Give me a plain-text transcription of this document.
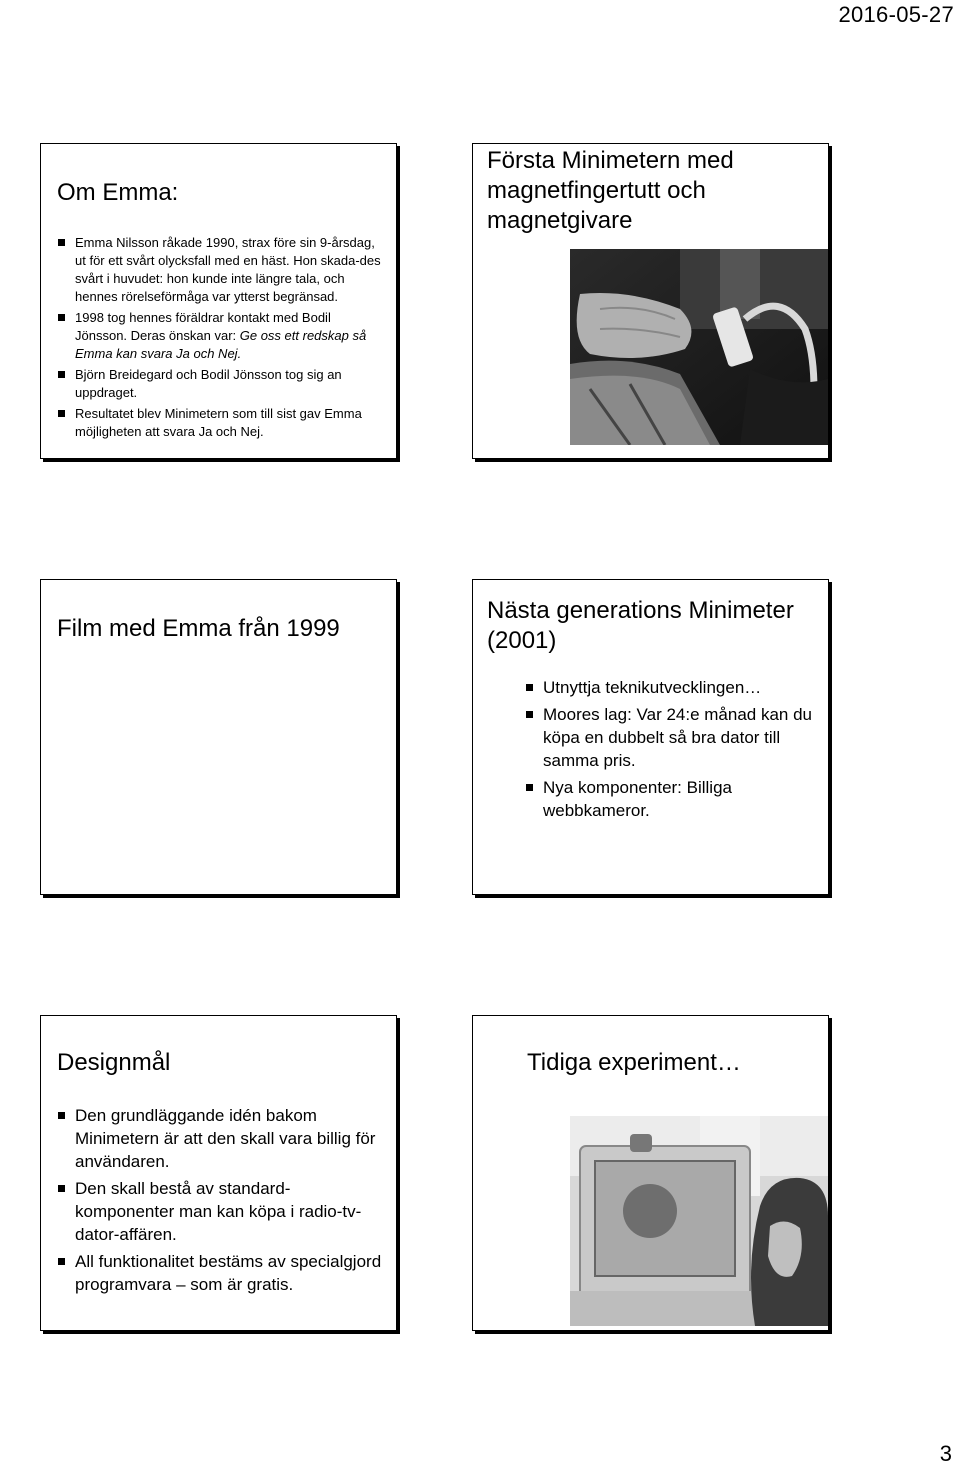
2016-05-27
Om Emma:
Emma Nilsson råkade 1990, strax före sin 9-årsdag, ut för ett svårt olycksfall med en häst. Hon skada-des svårt i huvudet: hon kunde inte längre tala, och hennes rörelseförmåga var ytterst begränsad.
1998 tog hennes föräldrar kontakt med Bodil Jönsson. Deras önskan var: Ge oss ett redskap så Emma kan svara Ja och Nej.
Björn Breidegard och Bodil Jönsson tog sig an uppdraget.
Resultatet blev Minimetern som till sist gav Emma möjligheten att svara Ja och Nej.
Första Minimetern med magnetfingertutt och magnetgivare
Film med Emma från 1999
Nästa generations Minimeter (2001)
Utnyttja teknikutvecklingen…
Moores lag: Var 24:e månad kan du köpa en dubbelt så bra dator till samma pris.
Nya komponenter: Billiga webbkameror.
Designmål
Den grundläggande idén bakom Minimetern är att den skall vara billig för användaren.
Den skall bestå av standard-komponenter man kan köpa i radio-tv-dator-affären.
All funktionalitet bestäms av specialgjord programvara – som är gratis.
Tidiga experiment…
3
